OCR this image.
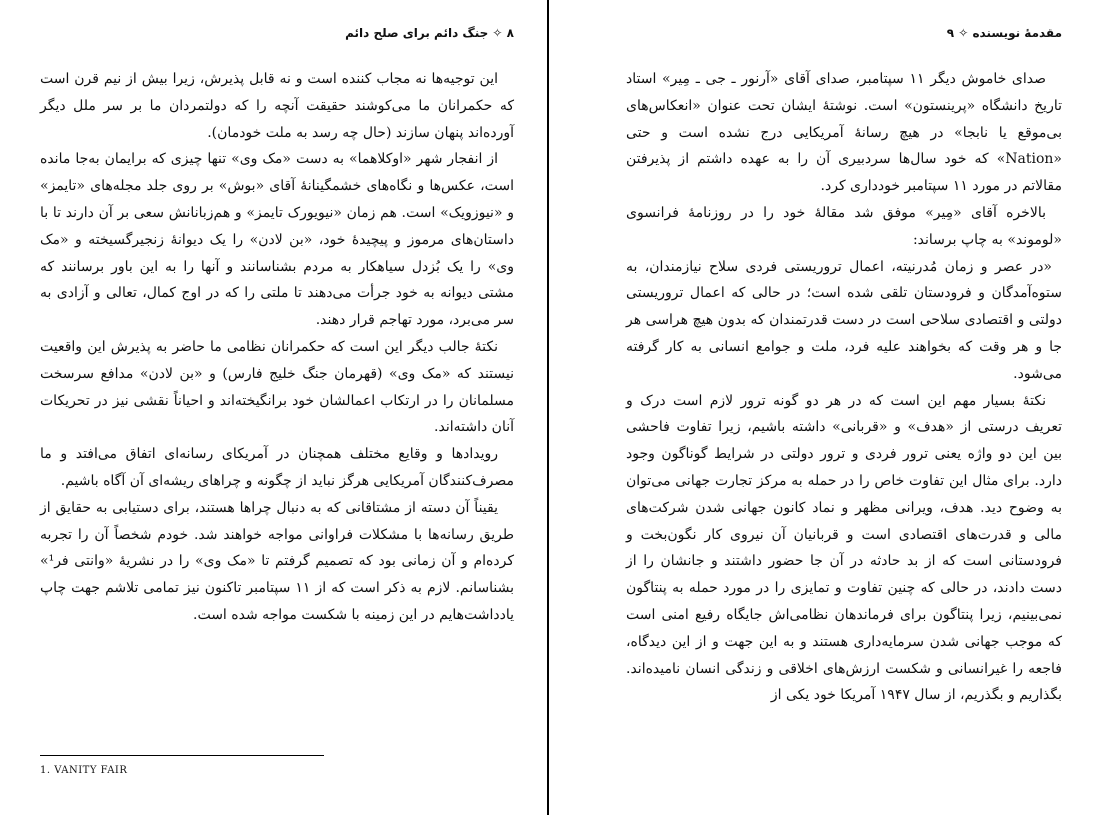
۸ ✧ جنگ دائم برای صلح دائم

این توجیه‌ها نه مجاب کننده است و نه قابل پذیرش، زیرا بیش از نیم قرن است که حکمرانان ما می‌کوشند حقیقت آنچه را که دولتمردان ما بر سر ملل دیگر آورده‌اند پنهان سازند (حال چه رسد به ملت خودمان).

از انفجار شهر «اوکلاهما» به دست «مک وی» تنها چیزی که برایمان به‌جا مانده است، عکس‌ها و نگاه‌های خشمگینانهٔ آقای «بوش» بر روی جلد مجله‌های «تایمز» و «نیوزویک» است. هم زمان «نیویورک تایمز» و هم‌زبانانش سعی بر آن دارند تا با داستان‌های مرموز و پیچیدهٔ خود، «بن لادن» را یک دیوانهٔ زنجیرگسیخته و «مک وی» را یک بُزدل سیاهکار به مردم بشناسانند و آنها را به این باور برسانند که مشتی دیوانه به خود جرأت می‌دهند تا ملتی را که در اوج کمال، تعالی و آزادی به سر می‌برد، مورد تهاجم قرار دهند.

نکتهٔ جالب دیگر این است که حکمرانان نظامی ما حاضر به پذیرش این واقعیت نیستند که «مک وی» (قهرمان جنگ خلیج فارس) و «بن لادن» مدافع سرسخت مسلمانان را در ارتکاب اعمالشان خود برانگیخته‌اند و احیاناً نقشی نیز در تحریکات آنان داشته‌اند.

رویدادها و وقایع مختلف همچنان در آمریکای رسانه‌ای اتفاق می‌افتد و ما مصرف‌کنندگان آمریکایی هرگز نباید از چگونه و چراهای ریشه‌ای آن آگاه باشیم.

یقیناً آن دسته از مشتاقانی که به دنبال چراها هستند، برای دستیابی به حقایق از طریق رسانه‌ها با مشکلات فراوانی مواجه خواهند شد. خودم شخصاً آن را تجربه کرده‌ام و آن زمانی بود که تصمیم گرفتم تا «مک وی» را در نشریهٔ «وانتی فر¹» بشناسانم. لازم به ذکر است که از ۱۱ سپتامبر تاکنون نیز تمامی تلاشم جهت چاپ یادداشت‌هایم در این زمینه با شکست مواجه شده است.

1. VANITY FAIR
مقدمهٔ نویسنده ✧ ۹

صدای خاموش دیگر ۱۱ سپتامبر، صدای آقای «آرنور ـ جی ـ مِیر» استاد تاریخ دانشگاه «پرینستون» است. نوشتهٔ ایشان تحت عنوان «انعکاس‌های بی‌موقع یا نابجا» در هیچ رسانهٔ آمریکایی درج نشده است و حتی «Nation» که خود سال‌ها سردبیری آن را به عهده داشتم از پذیرفتن مقالاتم در مورد ۱۱ سپتامبر خودداری کرد.

بالاخره آقای «مِیر» موفق شد مقالهٔ خود را در روزنامهٔ فرانسوی «لوموند» به چاپ برساند:

«در عصر و زمان مُدرنیته، اعمال تروریستی فردی سلاح نیازمندان، به ستوه‌آمدگان و فرودستان تلقی شده است؛ در حالی که اعمال تروریستی دولتی و اقتصادی سلاحی است در دست قدرتمندان که بدون هیچ هراسی هر جا و هر وقت که بخواهند علیه فرد، ملت و جوامع انسانی به کار گرفته می‌شود.

نکتهٔ بسیار مهم این است که در هر دو گونه ترور لازم است درک و تعریف درستی از «هدف» و «قربانی» داشته باشیم، زیرا تفاوت فاحشی بین این دو واژه یعنی ترور فردی و ترور دولتی در شرایط گوناگون وجود دارد. برای مثال این تفاوت خاص را در حمله به مرکز تجارت جهانی می‌توان به وضوح دید. هدف، ویرانی مظهر و نماد کانون جهانی شدن شرکت‌های مالی و قدرت‌های اقتصادی است و قربانیان آن نیروی کار نگون‌بخت و فرودستانی است که از بد حادثه در آن جا حضور داشتند و جانشان را از دست دادند، در حالی که چنین تفاوت و تمایزی را در مورد حمله به پنتاگون نمی‌بینیم، زیرا پنتاگون برای فرماندهان نظامی‌اش جایگاه رفیع امنی است که موجب جهانی شدن سرمایه‌داری هستند و به این جهت و از این دیدگاه، فاجعه را غیرانسانی و شکست ارزش‌های اخلاقی و زندگی انسان نامیده‌اند. بگذاریم و بگذریم، از سال ۱۹۴۷ آمریکا خود یکی از
